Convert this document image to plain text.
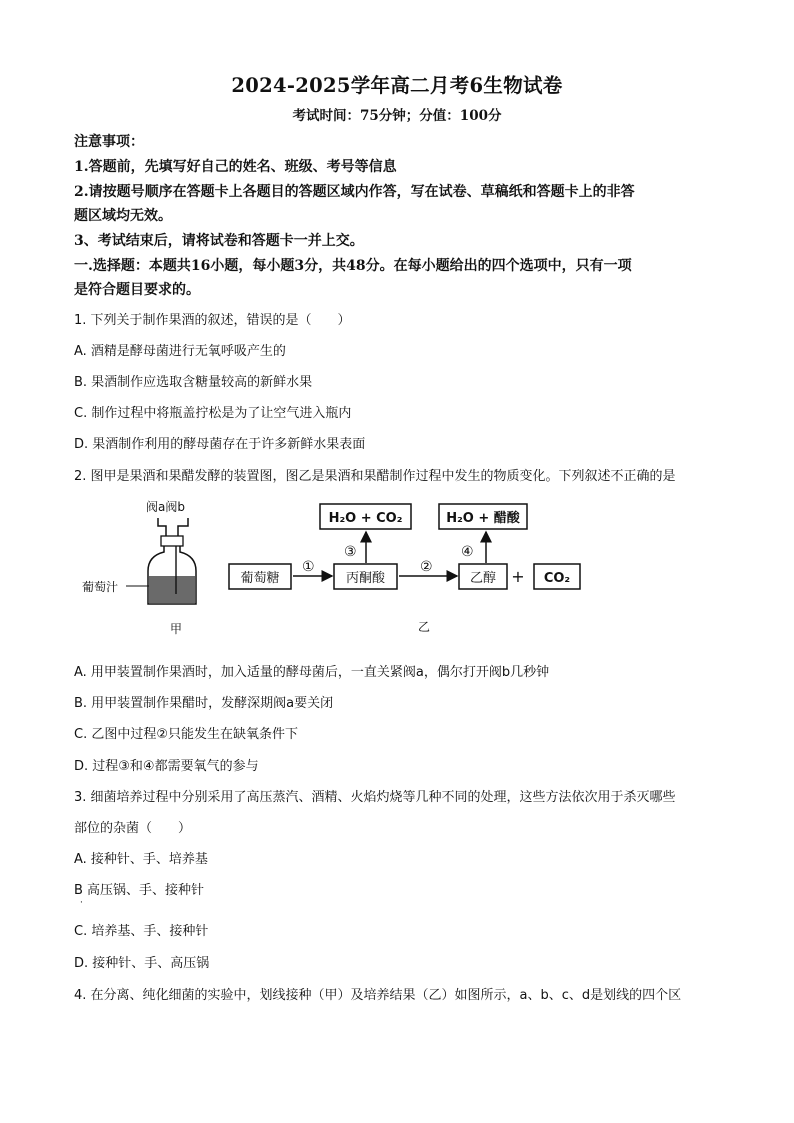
2024-2025学年高二月考6生物试卷
考试时间：75分钟；分值：100分
注意事项：
1.答题前，先填写好自己的姓名、班级、考号等信息
2.请按题号顺序在答题卡上各题目的答题区域内作答，写在试卷、草稿纸和答题卡上的非答
题区域均无效。
3、考试结束后，请将试卷和答题卡一并上交。
一.选择题：本题共16小题，每小题3分，共48分。在每小题给出的四个选项中，只有一项
是符合题目要求的。
1. 下列关于制作果酒的叙述，错误的是（　　）
A. 酒精是酵母菌进行无氧呼吸产生的
B. 果酒制作应选取含糖量较高的新鲜水果
C. 制作过程中将瓶盖拧松是为了让空气进入瓶内
D. 果酒制作利用的酵母菌存在于许多新鲜水果表面
2. 图甲是果酒和果醋发酵的装置图，图乙是果酒和果醋制作过程中发生的物质变化。下列叙述不正确的是
阀a阀b
葡萄汁
甲
H₂O + CO₂	H₂O + 醋酸
③	④
葡萄糖
①
丙酮酸
②
乙醇 + CO₂
乙
A. 用甲装置制作果酒时，加入适量的酵母菌后，一直关紧阀a，偶尔打开阀b几秒钟
B. 用甲装置制作果醋时，发酵深期阀a要关闭
C. 乙图中过程②只能发生在缺氧条件下
D. 过程③和④都需要氧气的参与
3. 细菌培养过程中分别采用了高压蒸汽、酒精、火焰灼烧等几种不同的处理，这些方法依次用于杀灭哪些
部位的杂菌（　　）
A. 接种针、手、培养基
B 高压锅、手、接种针
·
C. 培养基、手、接种针
D. 接种针、手、高压锅
4. 在分离、纯化细菌的实验中，划线接种（甲）及培养结果（乙）如图所示，a、b、c、d是划线的四个区
